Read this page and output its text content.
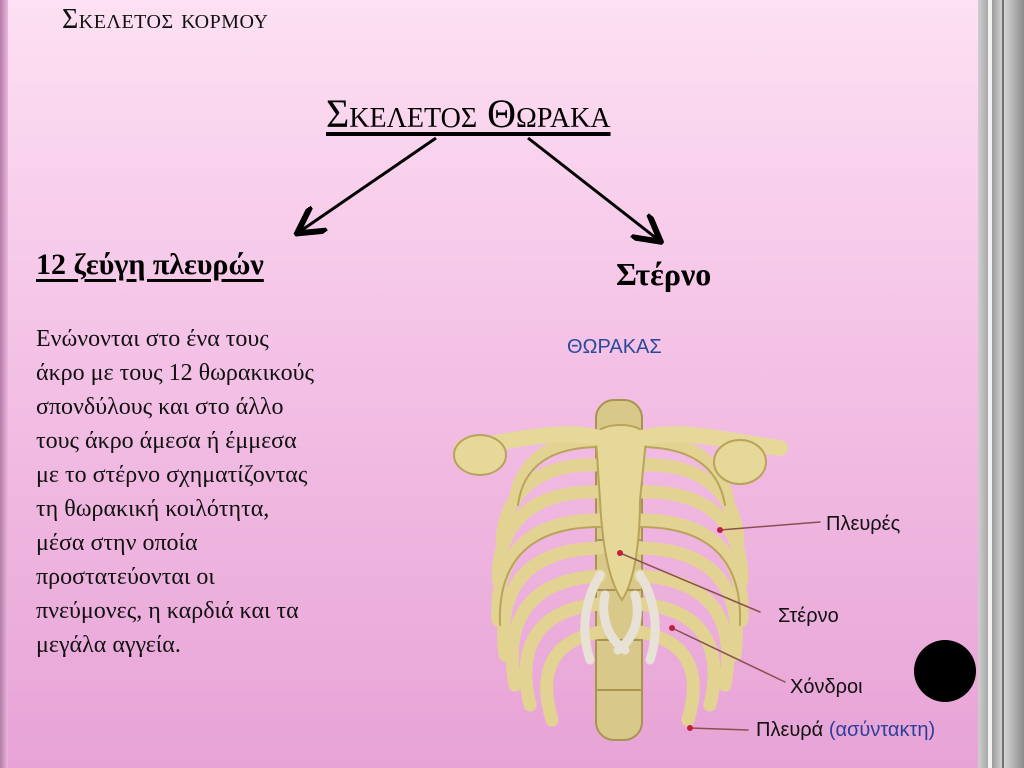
Σκελετος κορμου
Σκελετος Θωρακα
12 ζεύγη πλευρών	Στέρνο
Ενώνονται στο ένα τους
άκρο με τους 12 θωρακικούς
σπονδύλους και στο άλλο
τους άκρο άμεσα ή έμμεσα
με το στέρνο σχηματίζοντας
τη θωρακική κοιλότητα,
μέσα στην οποία
προστατεύονται οι
πνεύμονες, η καρδιά και τα
μεγάλα αγγεία.
ΘΩΡΑΚΑΣ
Πλευρές
Στέρνο
Χόνδροι
Πλευρά (ασύντακτη)
